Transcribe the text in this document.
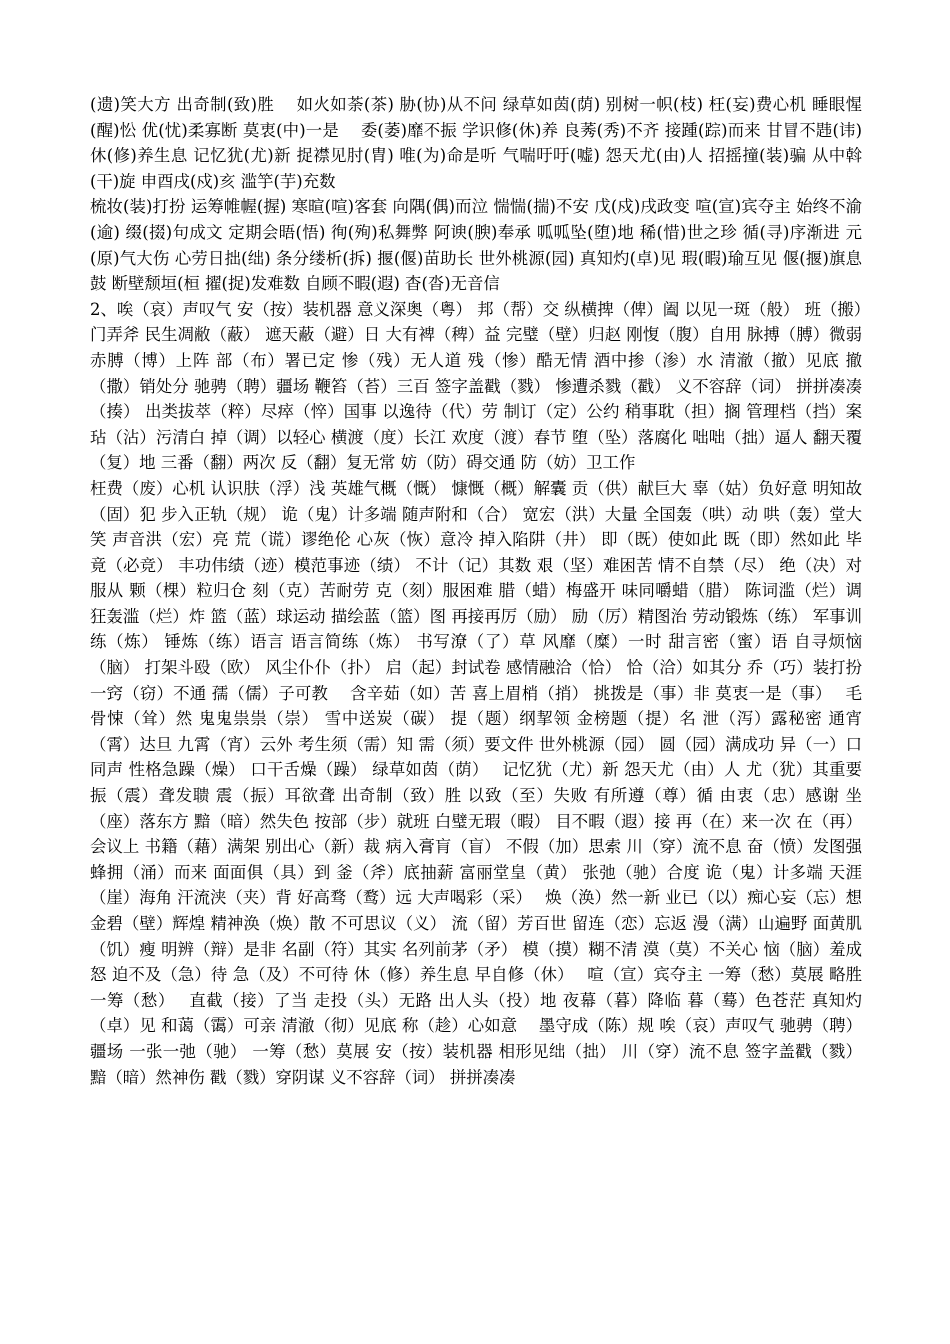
(遗)笑大方 出奇制(致)胜　 如火如荼(茶) 胁(协)从不问 绿草如茵(荫) 别树一帜(枝) 枉(妄)费心机 睡眼惺(醒)忪 优(忧)柔寡断 莫衷(中)一是　 委(萎)靡不振 学识修(休)养 良莠(秀)不齐 接踵(踪)而来 甘冒不韪(讳) 休(修)养生息 记忆犹(尤)新 捉襟见肘(胄) 唯(为)命是听 气喘吁吁(嘘) 怨天尤(由)人 招摇撞(装)骗 从中斡(干)旋 申酉戌(戍)亥 滥竽(芋)充数

梳妆(装)打扮 运筹帷幄(握) 寒暄(喧)客套 向隅(偶)而泣 惴惴(揣)不安 戊(戍)戌政变 喧(宣)宾夺主 始终不渝(逾) 缀(掇)句成文 定期会晤(悟) 徇(殉)私舞弊 阿谀(腴)奉承 呱呱坠(堕)地 稀(惜)世之珍 循(寻)序渐进 元(原)气大伤 心劳日拙(绌) 条分缕析(拆) 揠(偃)苗助长 世外桃源(园) 真知灼(卓)见 瑕(暇)瑜互见 偃(揠)旗息鼓 断壁颓垣(桓 擢(捉)发难数 自顾不暇(遐) 杳(沓)无音信

2、唉（哀）声叹气 安（按）装机器 意义深奥（粤） 邦（帮）交 纵横捭（俾）阖 以见一斑（般） 班（搬）门弄斧 民生凋敝（蔽） 遮天蔽（避）日 大有裨（稗）益 完璧（壁）归赵 刚愎（腹）自用 脉搏（膊）微弱 赤膊（博）上阵 部（布）署已定 惨（残）无人道 残（惨）酷无情 酒中掺（渗）水 清澈（撤）见底 撤（撒）销处分 驰骋（聘）疆场 鞭笞（苔）三百 签字盖戳（戮） 惨遭杀戮（戳） 义不容辞（词） 拼拼凑凑（揍） 出类拔萃（粹）尽瘁（悴）国事 以逸待（代）劳 制订（定）公约 稍事耽（担）搁 管理档（挡）案 玷（沾）污清白 掉（调）以轻心 横渡（度）长江 欢度（渡）春节 堕（坠）落腐化 咄咄（拙）逼人 翻天覆（复）地 三番（翻）两次 反（翻）复无常 妨（防）碍交通 防（妨）卫工作

枉费（废）心机 认识肤（浮）浅 英雄气概（慨） 慷慨（概）解囊 贡（供）献巨大 辜（姑）负好意 明知故（固）犯 步入正轨（规） 诡（鬼）计多端 随声附和（合） 宽宏（洪）大量 全国轰（哄）动 哄（轰）堂大笑 声音洪（宏）亮 荒（谎）谬绝伦 心灰（恢）意冷 掉入陷阱（井） 即（既）使如此 既（即）然如此 毕竟（必竞） 丰功伟绩（迹）模范事迹（绩） 不计（记）其数 艰（坚）难困苦 情不自禁（尽） 绝（决）对服从 颗（棵）粒归仓 刻（克）苦耐劳 克（刻）服困难 腊（蜡）梅盛开 味同嚼蜡（腊） 陈词滥（烂）调 狂轰滥（烂）炸 篮（蓝）球运动 描绘蓝（篮）图 再接再厉（励） 励（厉）精图治 劳动锻炼（练） 军事训练（炼） 锤炼（练）语言 语言简练（炼） 书写潦（了）草 风靡（糜）一时 甜言密（蜜）语 自寻烦恼（脑） 打架斗殴（欧） 风尘仆仆（扑） 启（起）封试卷 感情融洽（恰） 恰（洽）如其分 乔（巧）装打扮 一窍（窃）不通 孺（儒）子可教　 含辛茹（如）苦 喜上眉梢（捎） 挑拨是（事）非 莫衷一是（事）　 毛骨悚（耸）然 鬼鬼祟祟（崇） 雪中送炭（碳） 提（题）纲挈领 金榜题（提）名 泄（泻）露秘密 通宵（霄）达旦 九霄（宵）云外 考生须（需）知 需（须）要文件 世外桃源（园） 圆（园）满成功 异（一）口同声 性格急躁（燥） 口干舌燥（躁） 绿草如茵（荫）　 记忆犹（尤）新 怨天尤（由）人 尤（犹）其重要 振（震）聋发聩 震（振）耳欲聋 出奇制（致）胜 以致（至）失败 有所遵（尊）循 由衷（忠）感谢 坐（座）落东方 黯（暗）然失色 按部（步）就班 白璧无瑕（暇） 目不暇（遐）接 再（在）来一次 在（再）会议上 书籍（藉）满架 别出心（新）裁 病入膏肓（盲） 不假（加）思索 川（穿）流不息 奋（愤）发图强 蜂拥（涌）而来 面面俱（具）到 釜（斧）底抽薪 富丽堂皇（黄） 张弛（驰）合度 诡（鬼）计多端 天涯（崖）海角 汗流浃（夹）背 好高骛（鹜）远 大声喝彩（采）　 焕（涣）然一新 业已（以）痴心妄（忘）想 金碧（壁）辉煌 精神涣（焕）散 不可思议（义） 流（留）芳百世 留连（恋）忘返 漫（满）山遍野 面黄肌（饥）瘦 明辨（辩）是非 名副（符）其实 名列前茅（矛） 模（摸）糊不清 漠（莫）不关心 恼（脑）羞成怒 迫不及（急）待 急（及）不可待 休（修）养生息 早自修（休）　 喧（宣）宾夺主 一筹（愁）莫展 略胜一筹（愁）　 直截（接）了当 走投（头）无路 出人头（投）地 夜幕（暮）降临 暮（蓦）色苍茫 真知灼（卓）见 和蔼（霭）可亲 清澈（彻）见底 称（趁）心如意　 墨守成（陈）规 唉（哀）声叹气 驰骋（聘）疆场 一张一弛（驰） 一筹（愁）莫展 安（按）装机器 相形见绌（拙） 川（穿）流不息 签字盖戳（戮） 黯（暗）然神伤 戳（戮）穿阴谋 义不容辞（词） 拼拼凑凑
